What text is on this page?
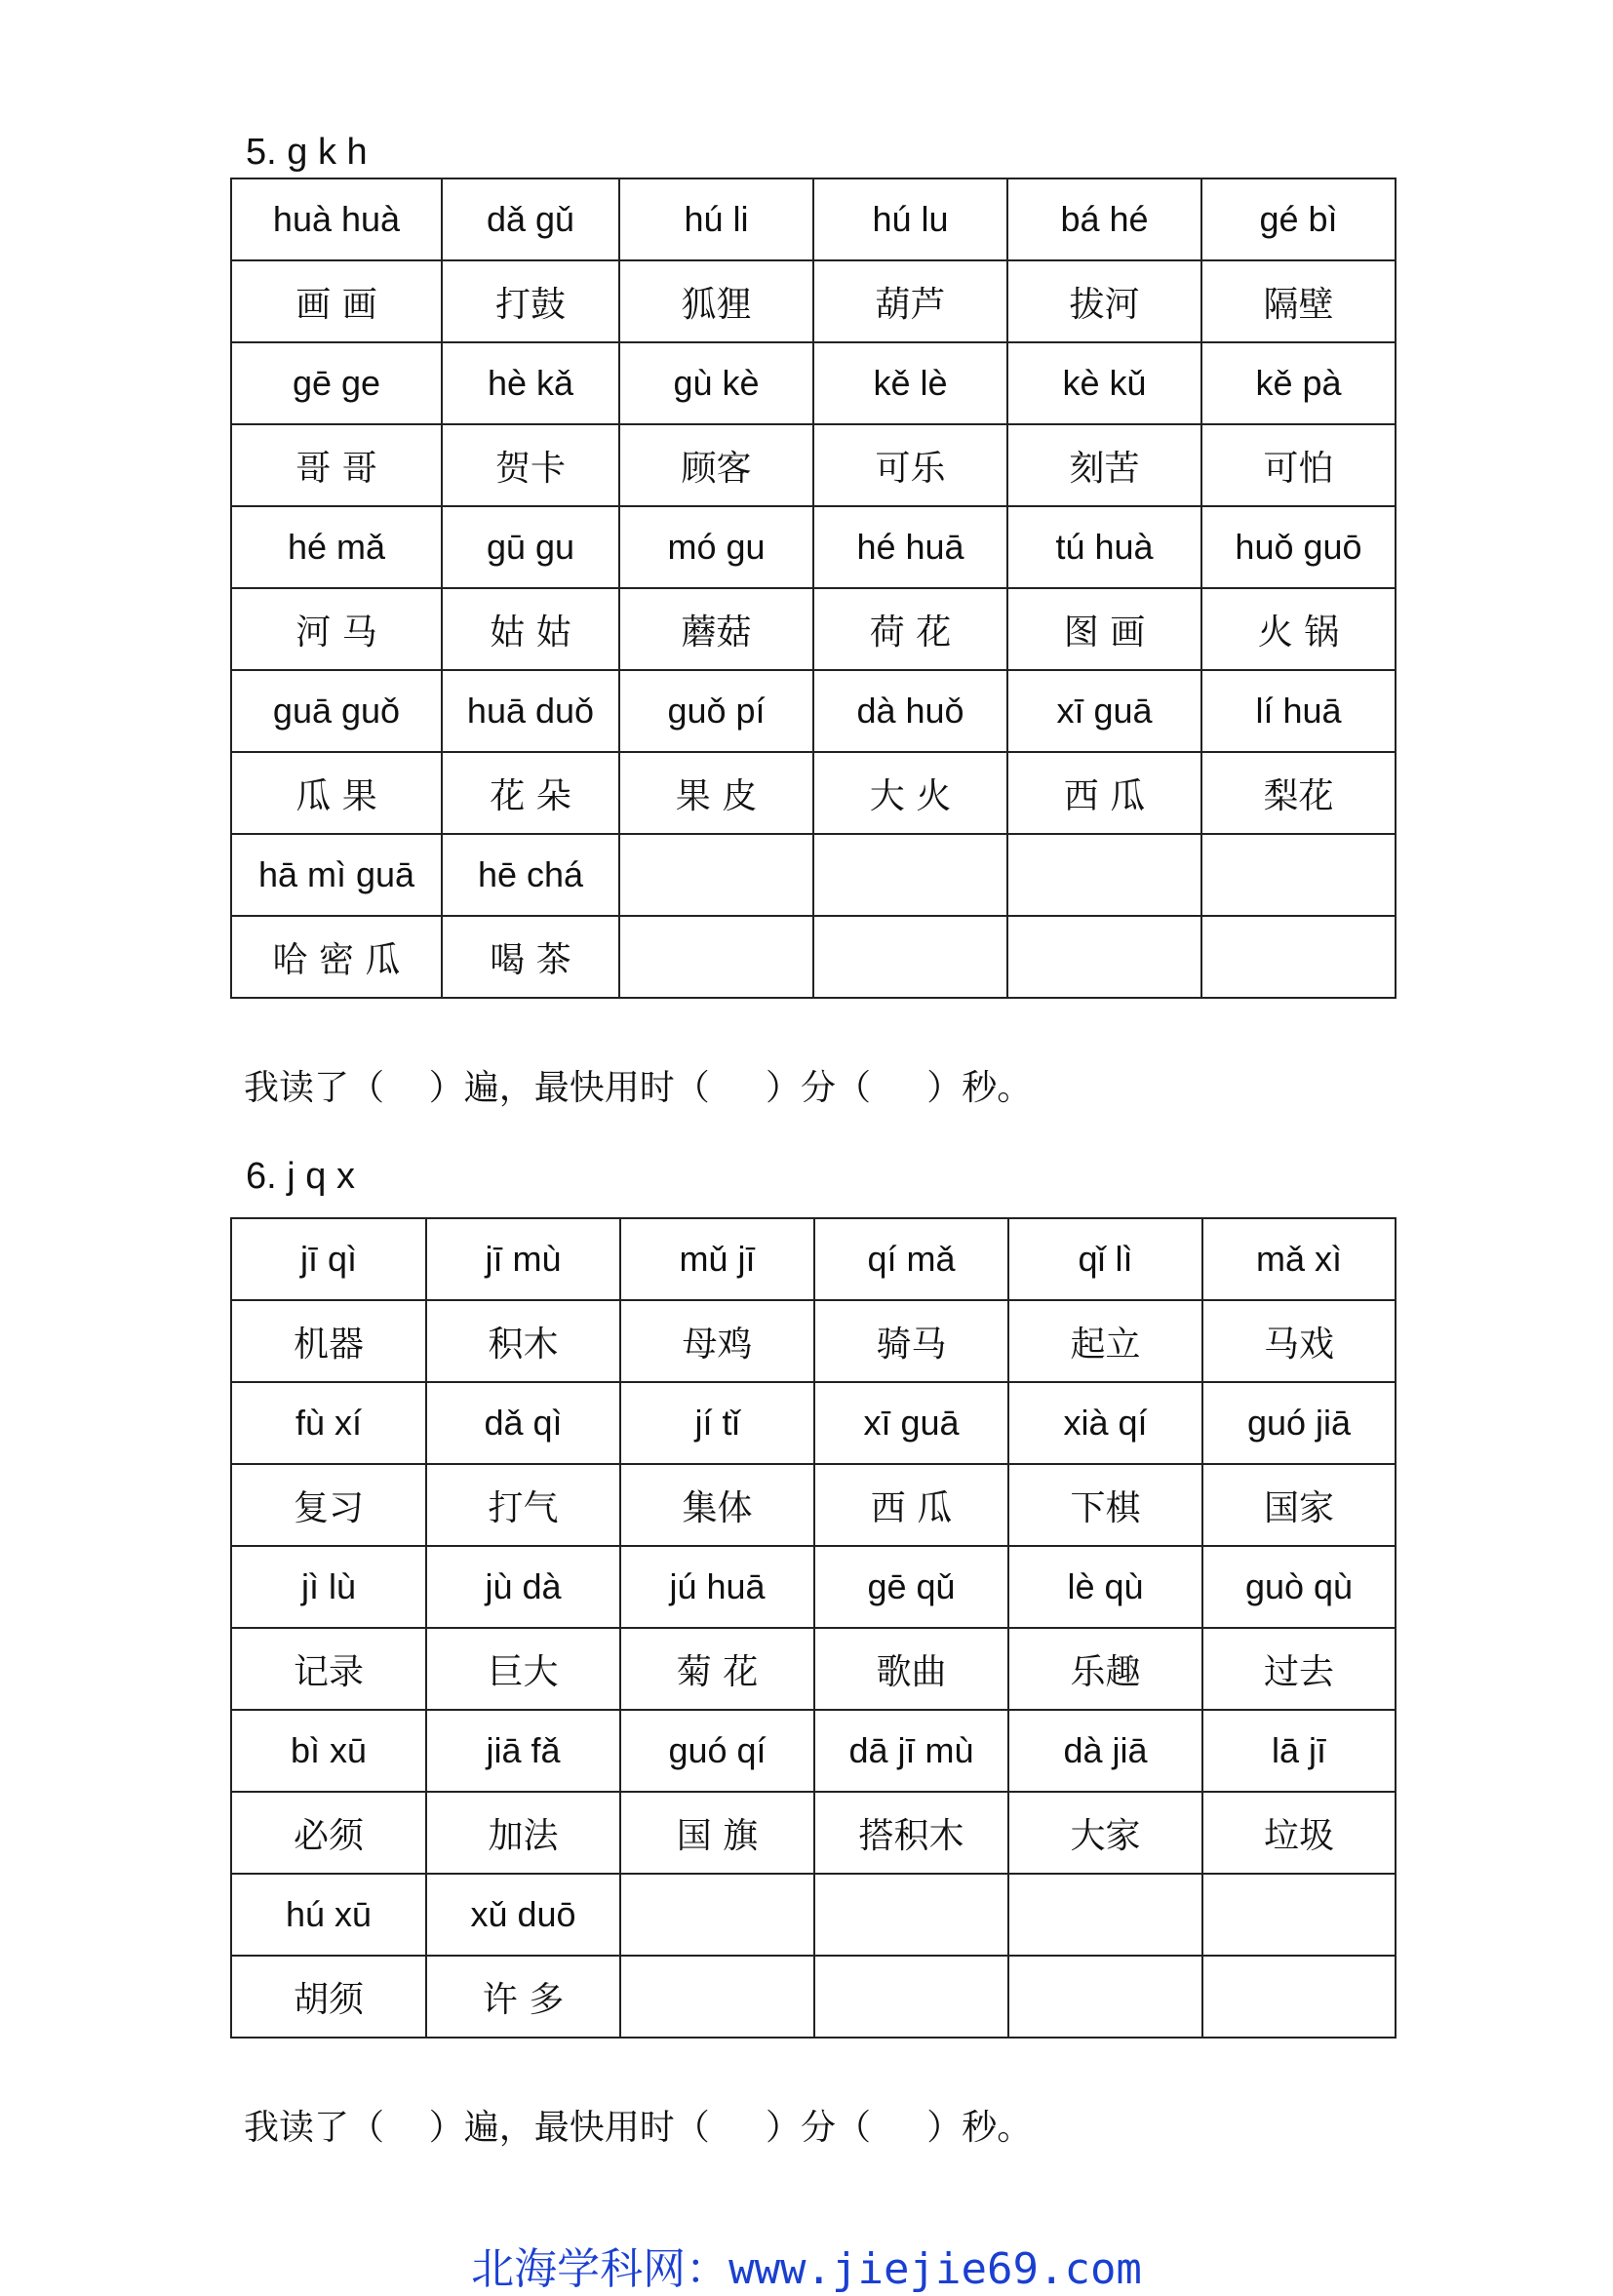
5. g k h
huà huà	dǎ gǔ	hú li	hú lu	bá hé	gé bì
画 画	打鼓	狐狸	葫芦	拔河	隔壁
gē ge	hè kǎ	gù kè	kě lè	kè kǔ	kě pà
哥 哥	贺卡	顾客	可乐	刻苦	可怕
hé mǎ	gū gu	mó gu	hé huā	tú huà	huǒ guō
河 马	姑 姑	蘑菇	荷 花	图 画	火 锅
guā guǒ	huā duǒ	guǒ pí	dà huǒ	xī guā	lí huā
瓜 果	花 朵	果 皮	大 火	西 瓜	梨花
hā mì guā	hē chá				
哈 密 瓜	喝 茶				
我读了（    ）遍，最快用时（     ）分（     ）秒。
6. j q x
jī qì	jī mù	mǔ jī	qí mǎ	qǐ lì	mǎ xì
机器	积木	母鸡	骑马	起立	马戏
fù xí	dǎ qì	jí tǐ	xī guā	xià qí	guó jiā
复习	打气	集体	西 瓜	下棋	国家
jì lù	jù dà	jú huā	gē qǔ	lè qù	guò qù
记录	巨大	菊 花	歌曲	乐趣	过去
bì xū	jiā fǎ	guó qí	dā jī mù	dà jiā	lā jī
必须	加法	国 旗	搭积木	大家	垃圾
hú xū	xǔ duō				
胡须	许 多				
我读了（    ）遍，最快用时（     ）分（     ）秒。
北海学科网：www.jiejie69.com
